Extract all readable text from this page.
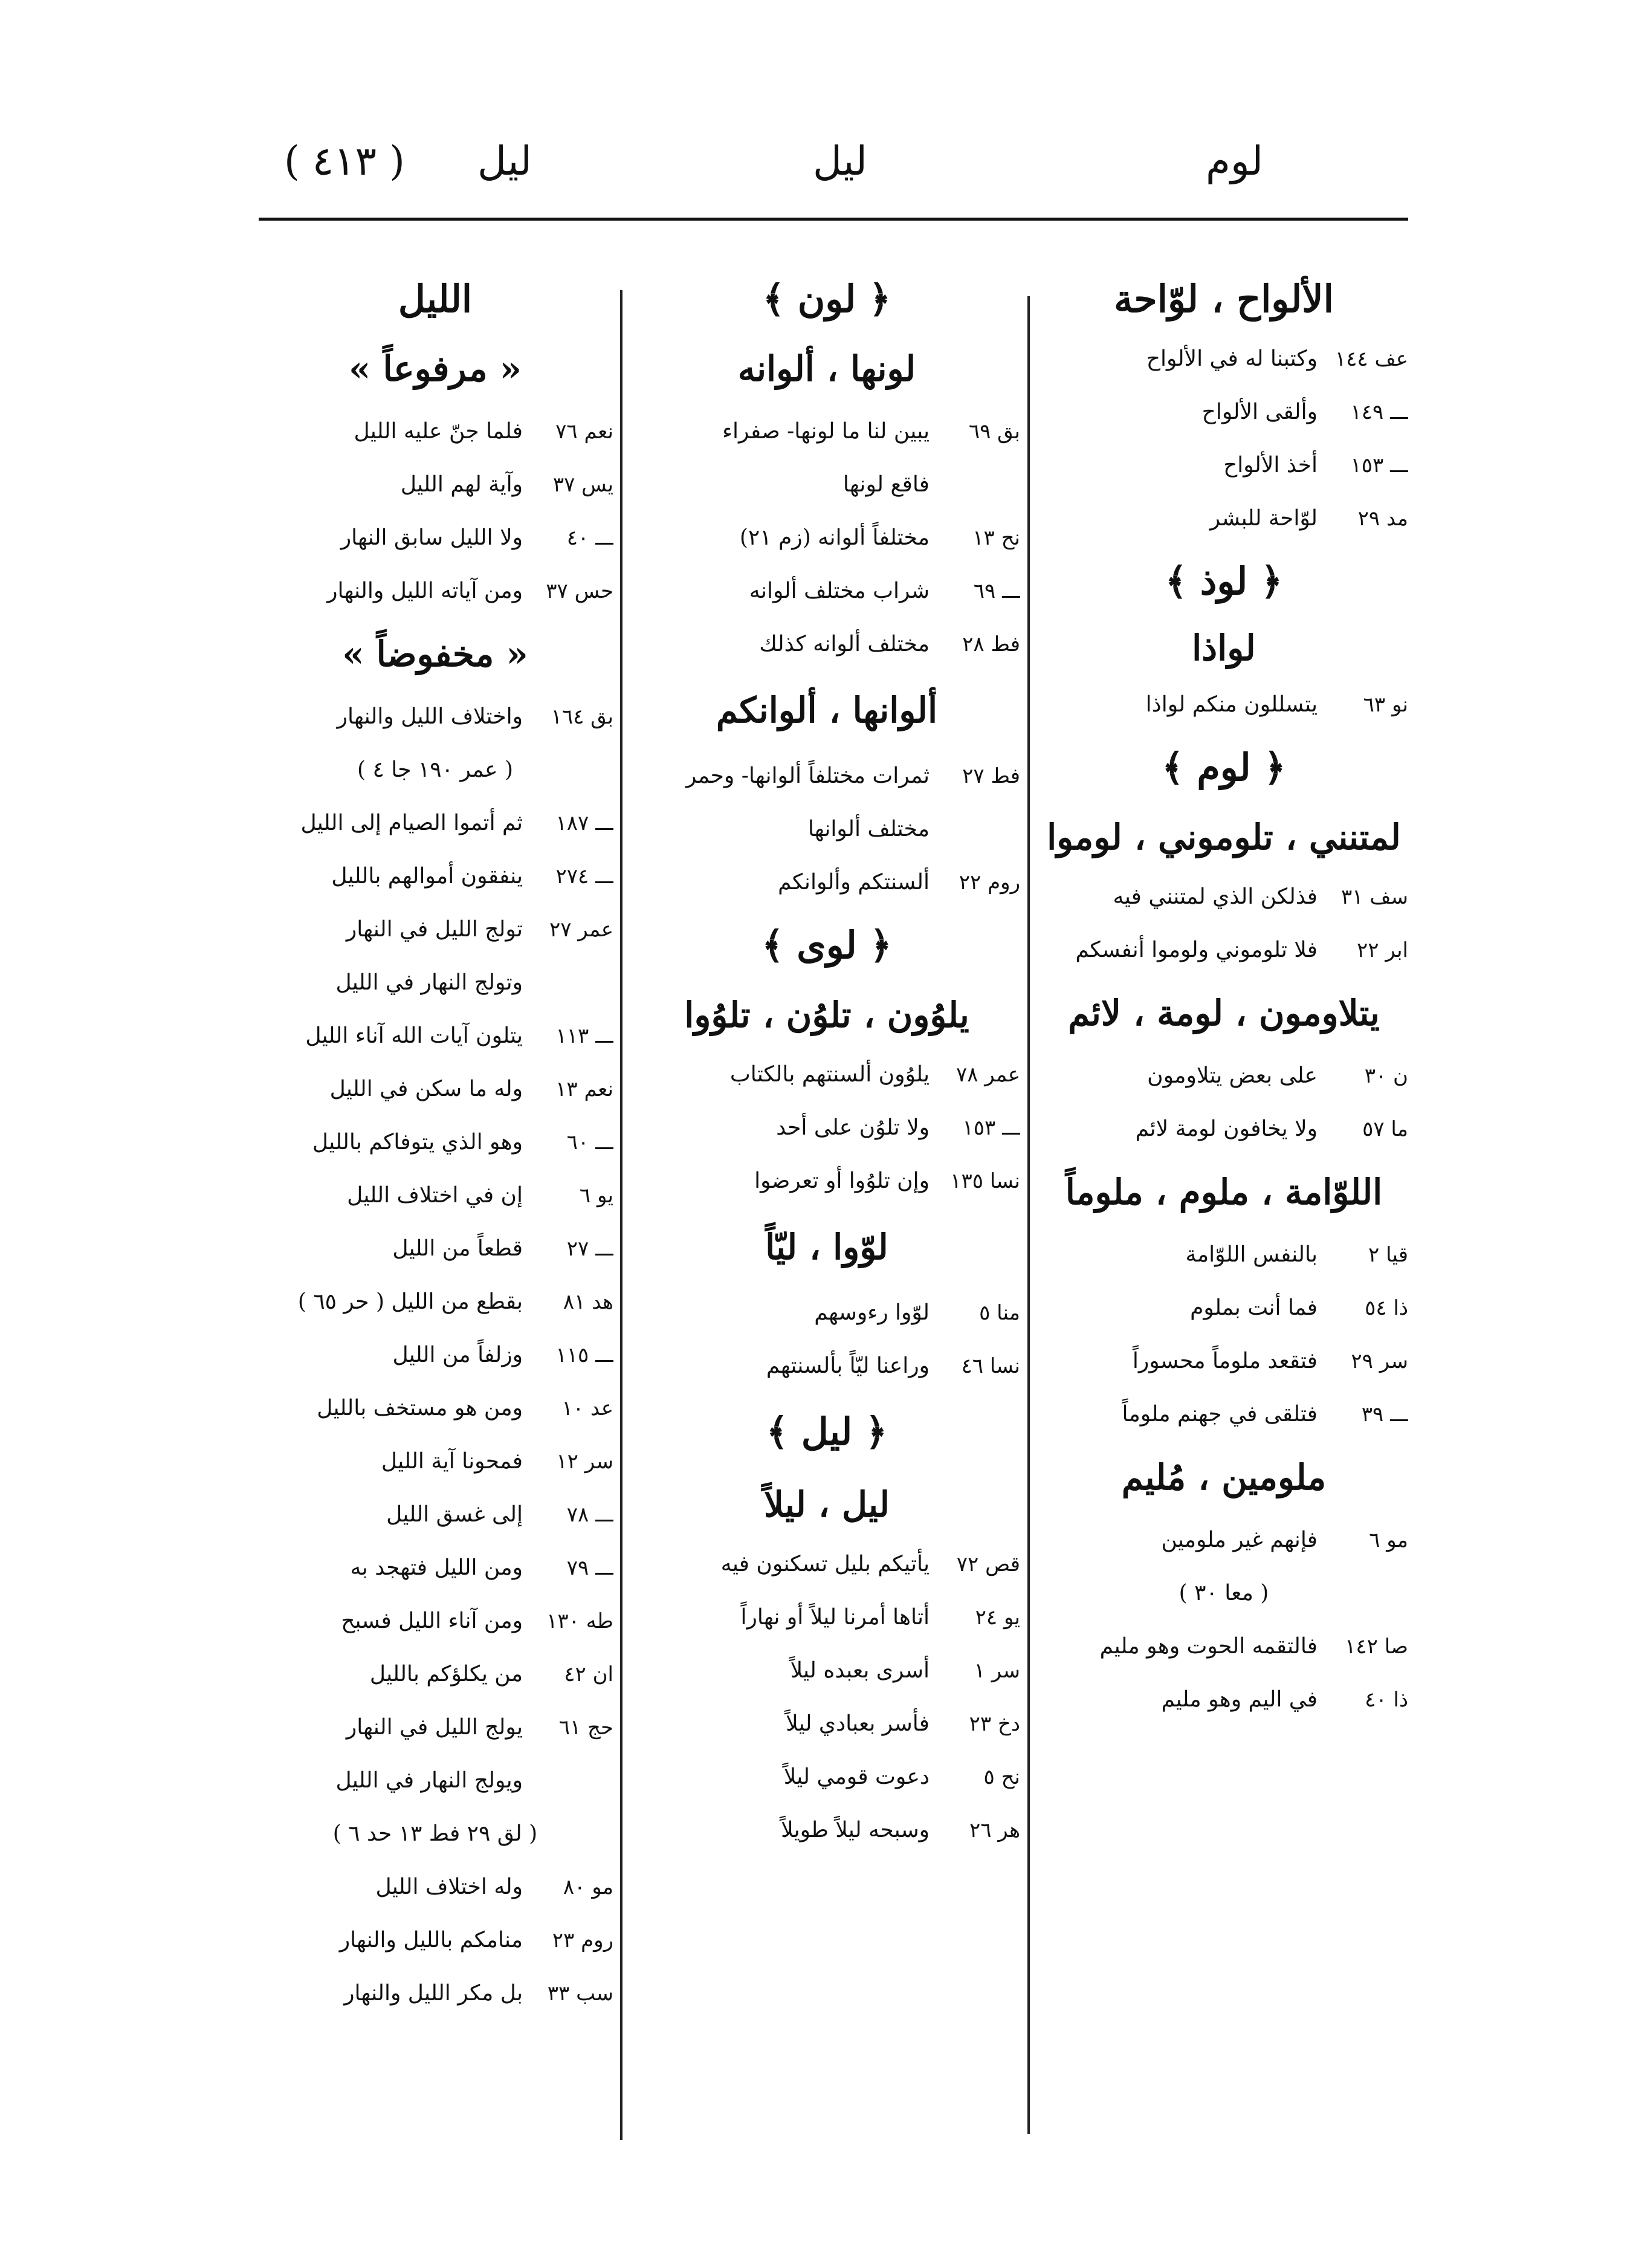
( ٤١٣ ) ليل	ليل	لوم
الألواح ، لوّاحة
عف ١٤٤
وكتبنا له في الألواح
ـــ ١٤٩
وألقى الألواح
ـــ ١٥٣
أخذ الألواح
مد ٢٩
لوّاحة للبشر
﴿ لوذ ﴾
لواذا
نو ٦٣
يتسللون منكم لواذا
﴿ لوم ﴾
لمتنني ، تلوموني ، لوموا
سف ٣١
فذلكن الذي لمتنني فيه
ابر ٢٢
فلا تلوموني ولوموا أنفسكم
يتلاومون ، لومة ، لائم
ن ٣٠
على بعض يتلاومون
ما ٥٧
ولا يخافون لومة لائم
اللوّامة ، ملوم ، ملوماً
قيا ٢
بالنفس اللوّامة
ذا ٥٤
فما أنت بملوم
سر ٢٩
فتقعد ملوماً محسوراً
ـــ ٣٩
فتلقى في جهنم ملوماً
ملومين ، مُليم
مو ٦
فإنهم غير ملومين
( معا ٣٠ )
صا ١٤٢
فالتقمه الحوت وهو مليم
ذا ٤٠
في اليم وهو مليم
﴿ لون ﴾
لونها ، ألوانه
بق ٦٩
يبين لنا ما لونها- صفراء
فاقع لونها
نح ١٣
مختلفاً ألوانه (زم ٢١)
ـــ ٦٩
شراب مختلف ألوانه
فط ٢٨
مختلف ألوانه كذلك
ألوانها ، ألوانكم
فط ٢٧
ثمرات مختلفاً ألوانها- وحمر
مختلف ألوانها
روم ٢٢
ألسنتكم وألوانكم
﴿ لوى ﴾
يلوُون ، تلوُن ، تلوُوا
عمر ٧٨
يلوُون ألسنتهم بالكتاب
ـــ ١٥٣
ولا تلوُن على أحد
نسا ١٣٥
وإن تلوُوا أو تعرضوا
لوّوا ، ليّاً
منا ٥
لوّوا رءوسهم
نسا ٤٦
وراعنا ليّاً بألسنتهم
﴿ ليل ﴾
ليل ، ليلاً
قص ٧٢
يأتيكم بليل تسكنون فيه
يو ٢٤
أتاها أمرنا ليلاً أو نهاراً
سر ١
أسرى بعبده ليلاً
دخ ٢٣
فأسر بعبادي ليلاً
نح ٥
دعوت قومي ليلاً
هر ٢٦
وسبحه ليلاً طويلاً
الليل
« مرفوعاً »
نعم ٧٦
فلما جنّ عليه الليل
يس ٣٧
وآية لهم الليل
ـــ ٤٠
ولا الليل سابق النهار
حس ٣٧
ومن آياته الليل والنهار
« مخفوضاً »
بق ١٦٤
واختلاف الليل والنهار
( عمر ١٩٠ جا ٤ )
ـــ ١٨٧
ثم أتموا الصيام إلى الليل
ـــ ٢٧٤
ينفقون أموالهم بالليل
عمر ٢٧
تولج الليل في النهار
وتولج النهار في الليل
ـــ ١١٣
يتلون آيات الله آناء الليل
نعم ١٣
وله ما سكن في الليل
ـــ ٦٠
وهو الذي يتوفاكم بالليل
يو ٦
إن في اختلاف الليل
ـــ ٢٧
قطعاً من الليل
هد ٨١
بقطع من الليل ( حر ٦٥ )
ـــ ١١٥
وزلفاً من الليل
عد ١٠
ومن هو مستخف بالليل
سر ١٢
فمحونا آية الليل
ـــ ٧٨
إلى غسق الليل
ـــ ٧٩
ومن الليل فتهجد به
طه ١٣٠
ومن آناء الليل فسبح
ان ٤٢
من يكلؤكم بالليل
حج ٦١
يولج الليل في النهار
ويولج النهار في الليل
( لق ٢٩ فط ١٣ حد ٦ )
مو ٨٠
وله اختلاف الليل
روم ٢٣
منامكم بالليل والنهار
سب ٣٣
بل مكر الليل والنهار
